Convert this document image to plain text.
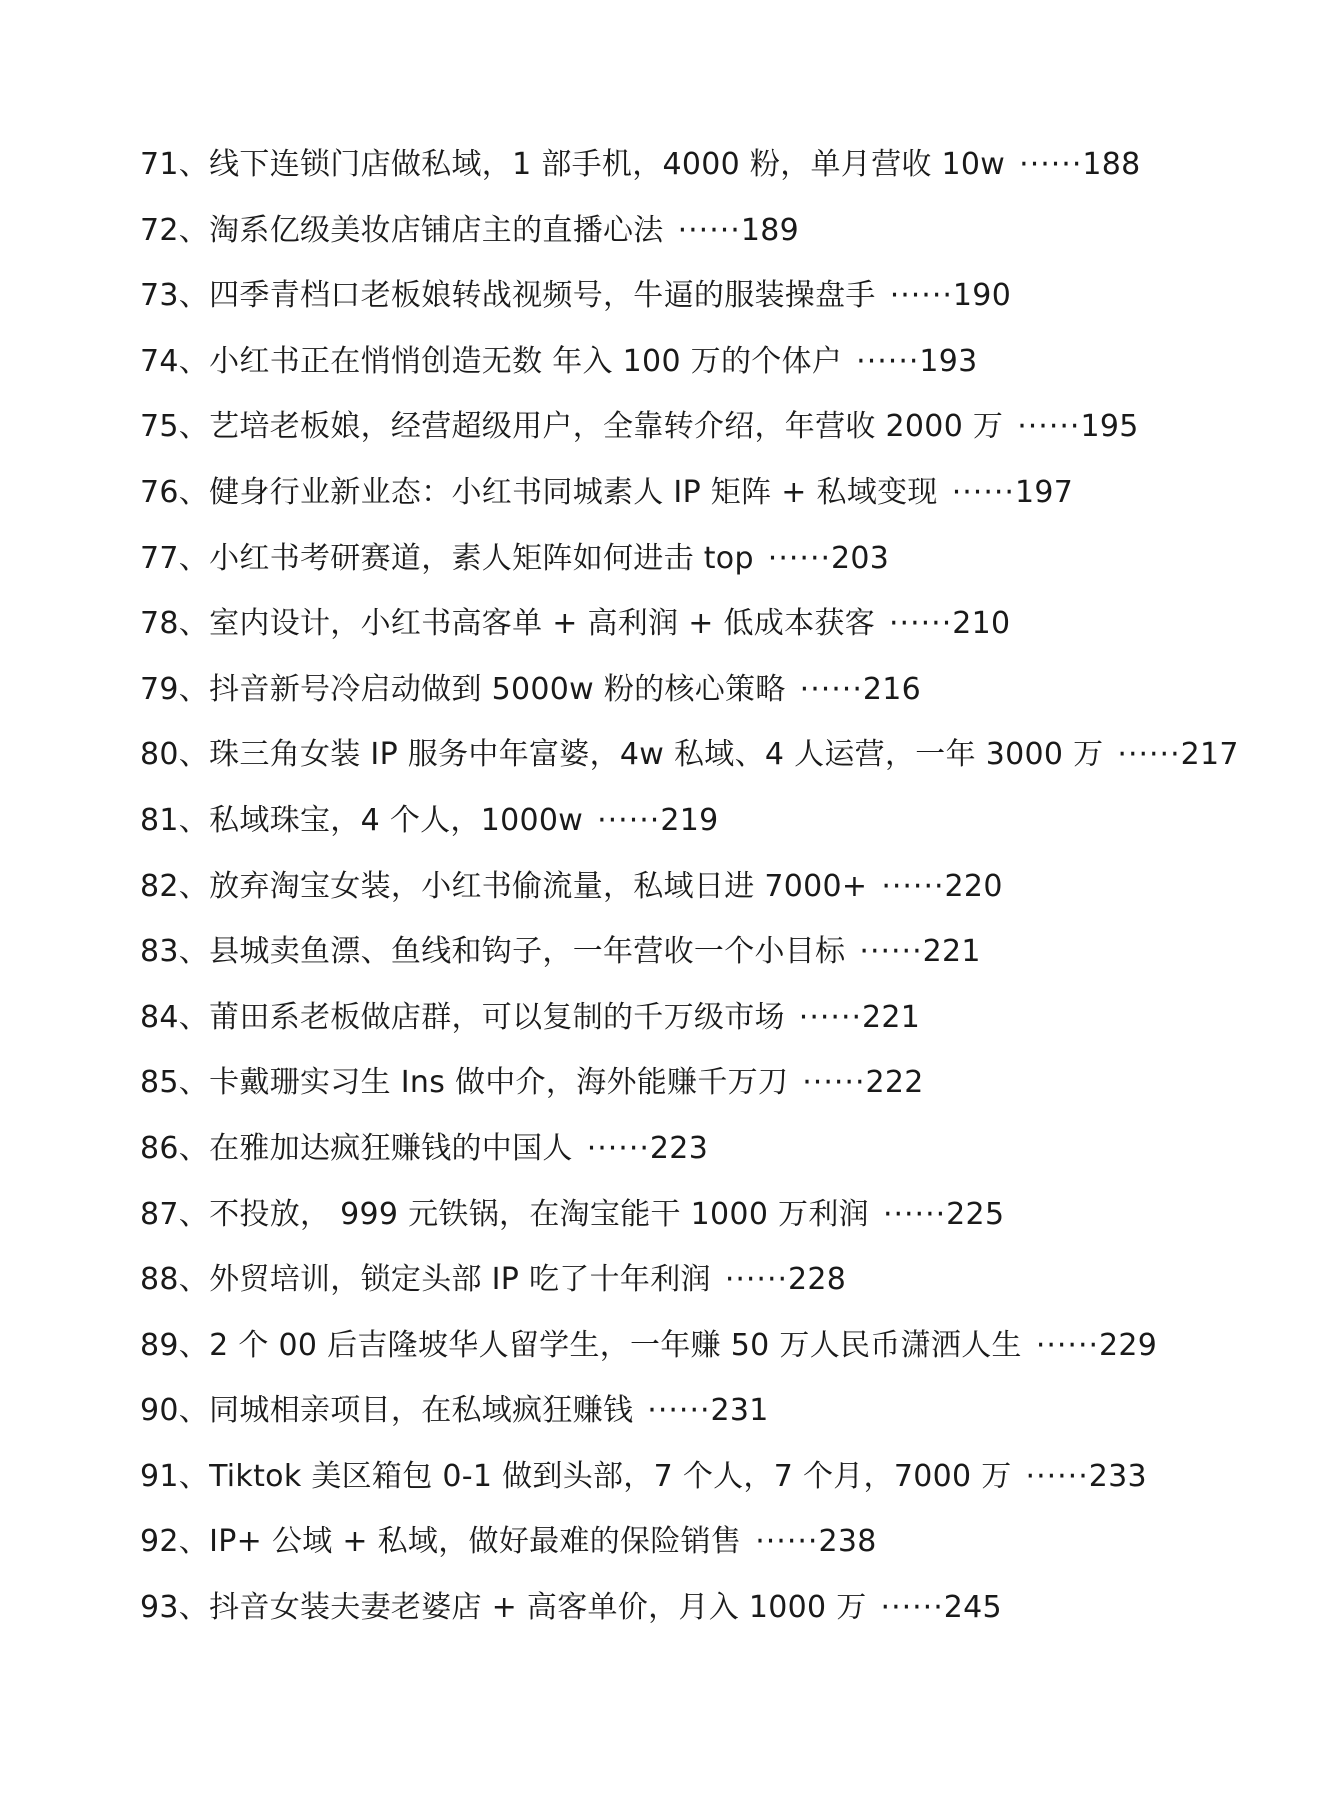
71、线下连锁门店做私域，1 部手机，4000 粉，单月营收 10w ······188
72、淘系亿级美妆店铺店主的直播心法 ······189
73、四季青档口老板娘转战视频号，牛逼的服装操盘手 ······190
74、小红书正在悄悄创造无数 年入 100 万的个体户 ······193
75、艺培老板娘，经营超级用户，全靠转介绍，年营收 2000 万 ······195
76、健身行业新业态：小红书同城素人 IP 矩阵 + 私域变现 ······197
77、小红书考研赛道，素人矩阵如何进击 top ······203
78、室内设计，小红书高客单 + 高利润 + 低成本获客 ······210
79、抖音新号冷启动做到 5000w 粉的核心策略 ······216
80、珠三角女装 IP 服务中年富婆，4w 私域、4 人运营，一年 3000 万 ······217
81、私域珠宝，4 个人，1000w ······219
82、放弃淘宝女装，小红书偷流量，私域日进 7000+ ······220
83、县城卖鱼漂、鱼线和钩子，一年营收一个小目标 ······221
84、莆田系老板做店群，可以复制的千万级市场 ······221
85、卡戴珊实习生 Ins 做中介，海外能赚千万刀 ······222
86、在雅加达疯狂赚钱的中国人 ······223
87、不投放， 999 元铁锅，在淘宝能干 1000 万利润 ······225
88、外贸培训，锁定头部 IP 吃了十年利润 ······228
89、2 个 00 后吉隆坡华人留学生，一年赚 50 万人民币潇洒人生 ······229
90、同城相亲项目，在私域疯狂赚钱 ······231
91、Tiktok 美区箱包 0-1 做到头部，7 个人，7 个月，7000 万 ······233
92、IP+ 公域 + 私域，做好最难的保险销售 ······238
93、抖音女装夫妻老婆店 + 高客单价，月入 1000 万 ······245
